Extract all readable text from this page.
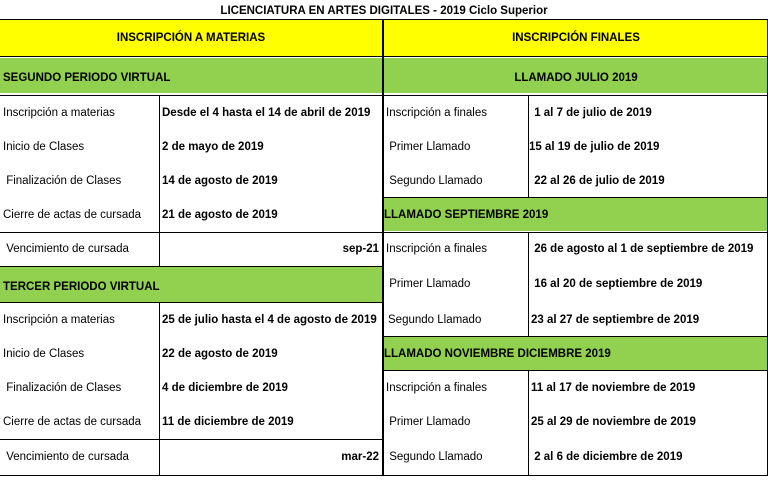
LICENCIATURA EN ARTES DIGITALES - 2019 Ciclo Superior
INSCRIPCIÓN A MATERIAS	INSCRIPCIÓN FINALES
SEGUNDO PERIODO VIRTUAL
Inscripción a materias	Desde el 4 hasta el 14 de abril de 2019
Inicio de Clases	2 de mayo de 2019
Finalización de Clases	14 de agosto de 2019
Cierre de actas de cursada	21 de agosto de 2019
Vencimiento de cursada	sep-21
TERCER PERIODO VIRTUAL
Inscripción a materias	25 de julio hasta el 4 de agosto de 2019
Inicio de Clases	22 de agosto de 2019
Finalización de Clases	4 de diciembre de 2019
Cierre de actas de cursada	11 de diciembre de 2019
Vencimiento de cursada	mar-22
LLAMADO JULIO 2019
Inscripción a finales	1 al 7 de julio de 2019
Primer Llamado	15 al 19 de julio de 2019
Segundo Llamado	22 al 26 de julio de 2019
LLAMADO SEPTIEMBRE 2019
Inscripción a finales	26 de agosto al 1 de septiembre de 2019
Primer Llamado	16 al 20 de septiembre de 2019
Segundo Llamado	23 al 27 de septiembre de 2019
LLAMADO NOVIEMBRE DICIEMBRE 2019
Inscripción a finales	11 al 17 de noviembre de 2019
Primer Llamado	25 al 29 de noviembre de 2019
Segundo Llamado	2 al 6 de diciembre de 2019
